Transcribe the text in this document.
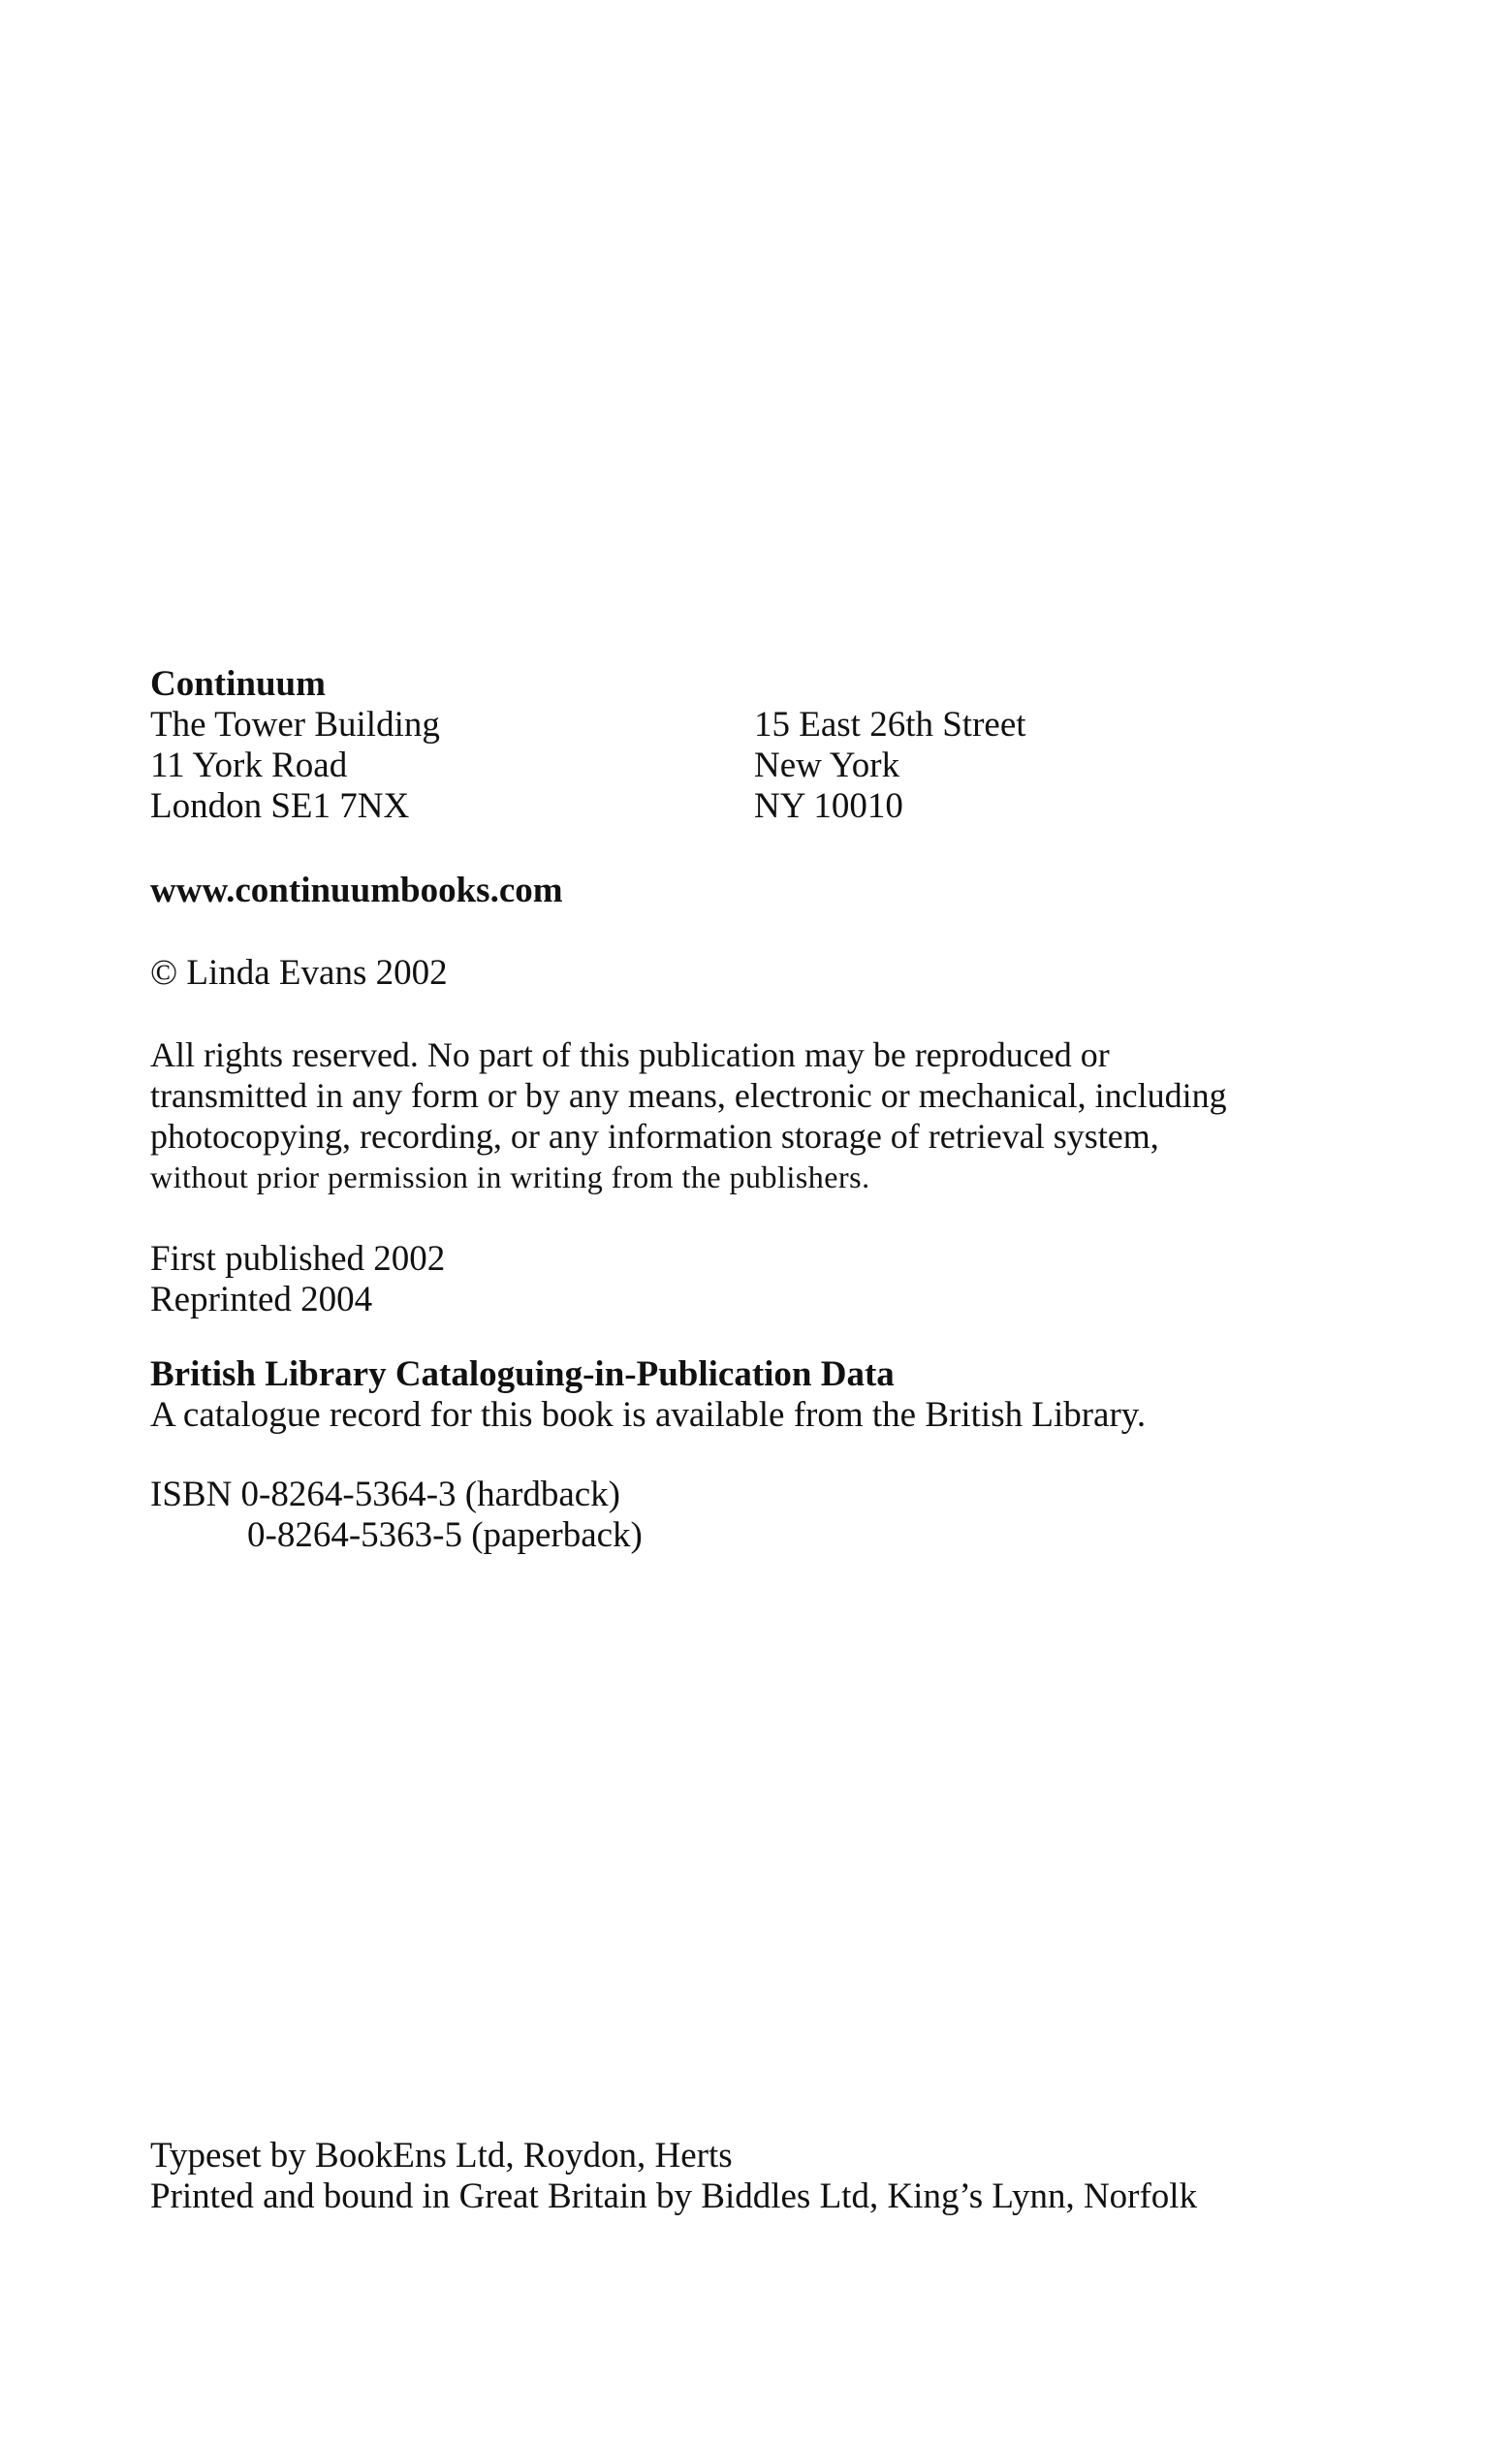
Continuum
The Tower Building
11 York Road
London SE1 7NX
15 East 26th Street
New York
NY 10010
www.continuumbooks.com
© Linda Evans 2002
All rights reserved. No part of this publication may be reproduced or
transmitted in any form or by any means, electronic or mechanical, including
photocopying, recording, or any information storage of retrieval system,
without prior permission in writing from the publishers.
First published 2002
Reprinted 2004
British Library Cataloguing-in-Publication Data
A catalogue record for this book is available from the British Library.
ISBN 0-8264-5364-3 (hardback)
0-8264-5363-5 (paperback)
Typeset by BookEns Ltd, Roydon, Herts
Printed and bound in Great Britain by Biddles Ltd, King’s Lynn, Norfolk
